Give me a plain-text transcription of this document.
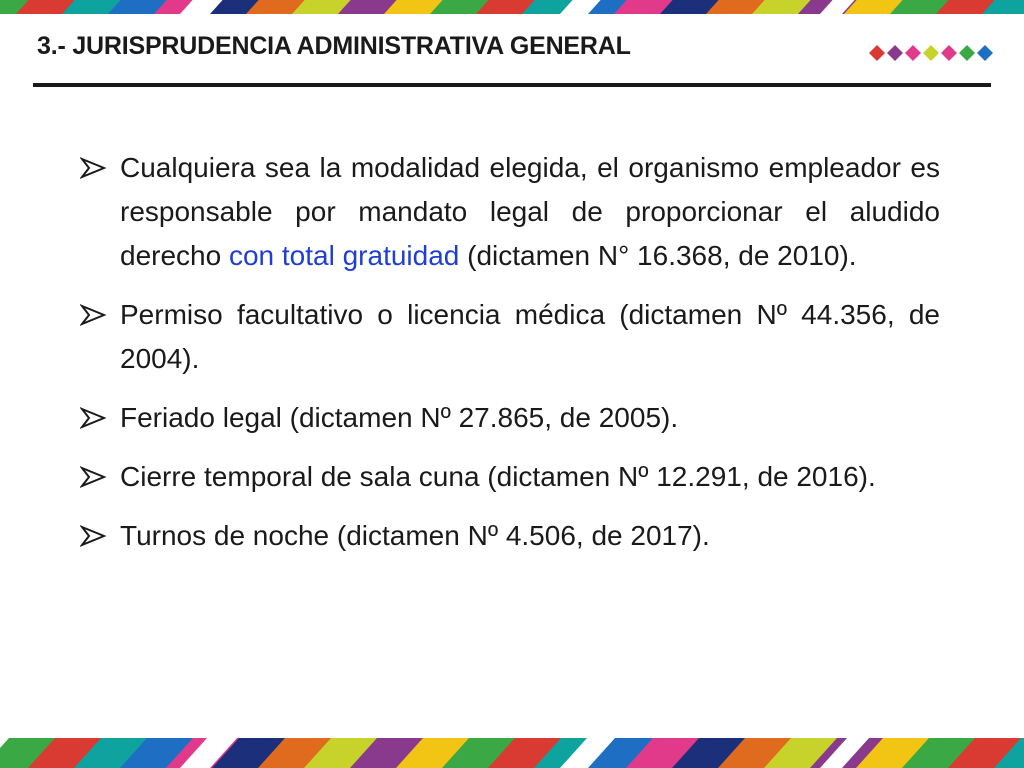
3.- JURISPRUDENCIA ADMINISTRATIVA GENERAL
Cualquiera sea la modalidad elegida, el organismo empleador es responsable por mandato legal de proporcionar el aludido derecho con total gratuidad (dictamen N° 16.368, de 2010).
Permiso facultativo o licencia médica (dictamen Nº 44.356, de 2004).
Feriado legal (dictamen Nº 27.865, de 2005).
Cierre temporal de sala cuna (dictamen Nº 12.291, de 2016).
Turnos de noche (dictamen Nº 4.506, de 2017).
